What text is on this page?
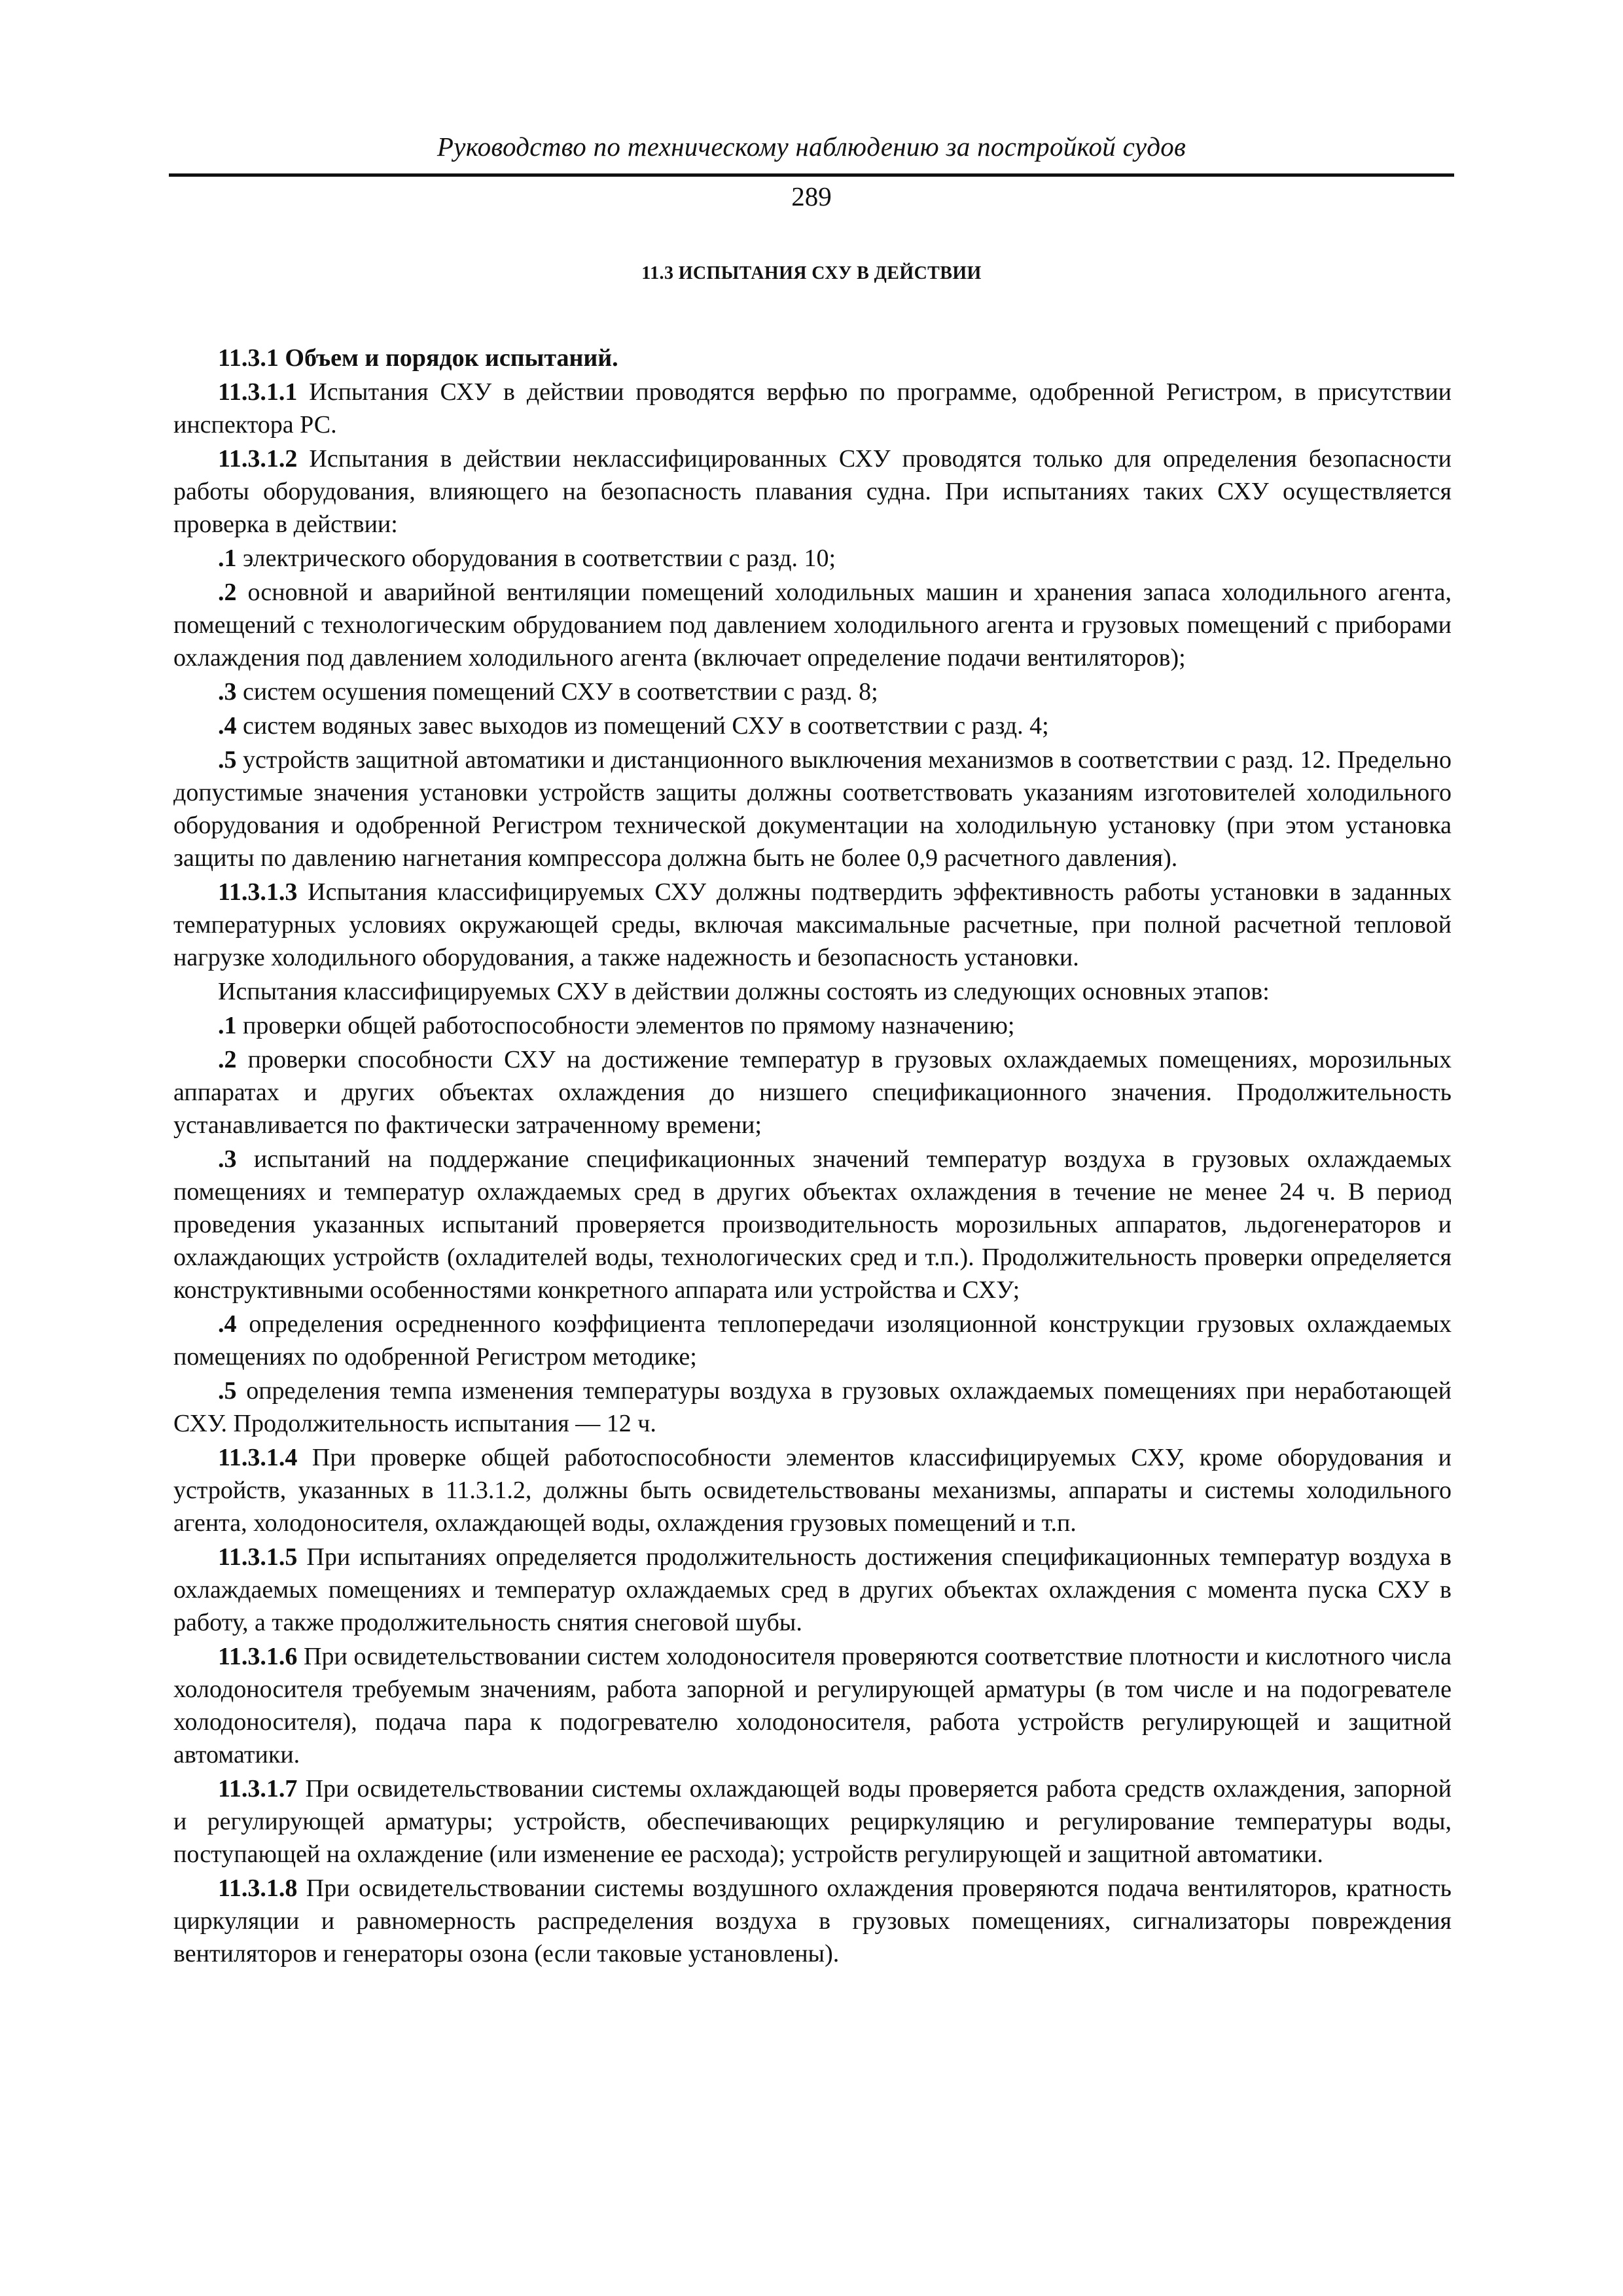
Руководство по техническому наблюдению за постройкой судов
289
11.3 ИСПЫТАНИЯ СХУ В ДЕЙСТВИИ

11.3.1 Объем и порядок испытаний.

11.3.1.1 Испытания СХУ в действии проводятся верфью по программе, одобренной Регистром, в присутствии инспектора РС.

11.3.1.2 Испытания в действии неклассифицированных СХУ проводятся только для определения безопасности работы оборудования, влияющего на безопасность плавания судна. При испытаниях таких СХУ осуществляется проверка в действии:

.1 электрического оборудования в соответствии с разд. 10;

.2 основной и аварийной вентиляции помещений холодильных машин и хранения запаса холодильного агента, помещений с технологическим обрудованием под давлением холодильного агента и грузовых помещений с приборами охлаждения под давлением холодильного агента (включает определение подачи вентиляторов);

.3 систем осушения помещений СХУ в соответствии с разд. 8;

.4 систем водяных завес выходов из помещений СХУ в соответствии с разд. 4;

.5 устройств защитной автоматики и дистанционного выключения механизмов в соответствии с разд. 12. Предельно допустимые значения установки устройств защиты должны соответствовать указаниям изготовителей холодильного оборудования и одобренной Регистром технической документации на холодильную установку (при этом установка защиты по давлению нагнетания компрессора должна быть не более 0,9 расчетного давления).

11.3.1.3 Испытания классифицируемых СХУ должны подтвердить эффективность работы установки в заданных температурных условиях окружающей среды, включая максимальные расчетные, при полной расчетной тепловой нагрузке холодильного оборудования, а также надежность и безопасность установки.

Испытания классифицируемых СХУ в действии должны состоять из следующих основных этапов:

.1 проверки общей работоспособности элементов по прямому назначению;

.2 проверки способности СХУ на достижение температур в грузовых охлаждаемых помещениях, морозильных аппаратах и других объектах охлаждения до низшего спецификационного значения. Продолжительность устанавливается по фактически затраченному времени;

.3 испытаний на поддержание спецификационных значений температур воздуха в грузовых охлаждаемых помещениях и температур охлаждаемых сред в других объектах охлаждения в течение не менее 24 ч. В период проведения указанных испытаний проверяется производительность морозильных аппаратов, льдогенераторов и охлаждающих устройств (охладителей воды, технологических сред и т.п.). Продолжительность проверки определяется конструктивными особенностями конкретного аппарата или устройства и СХУ;

.4 определения осредненного коэффициента теплопередачи изоляционной конструкции грузовых охлаждаемых помещениях по одобренной Регистром методике;

.5 определения темпа изменения температуры воздуха в грузовых охлаждаемых помещениях при неработающей СХУ. Продолжительность испытания — 12 ч.

11.3.1.4 При проверке общей работоспособности элементов классифицируемых СХУ, кроме оборудования и устройств, указанных в 11.3.1.2, должны быть освидетельствованы механизмы, аппараты и системы холодильного агента, холодоносителя, охлаждающей воды, охлаждения грузовых помещений и т.п.

11.3.1.5 При испытаниях определяется продолжительность достижения спецификационных температур воздуха в охлаждаемых помещениях и температур охлаждаемых сред в других объектах охлаждения с момента пуска СХУ в работу, а также продолжительность снятия снеговой шубы.

11.3.1.6 При освидетельствовании систем холодоносителя проверяются соответствие плотности и кислотного числа холодоносителя требуемым значениям, работа запорной и регулирующей арматуры (в том числе и на подогревателе холодоносителя), подача пара к подогревателю холодоносителя, работа устройств регулирующей и защитной автоматики.

11.3.1.7 При освидетельствовании системы охлаждающей воды проверяется работа средств охлаждения, запорной и регулирующей арматуры; устройств, обеспечивающих рециркуляцию и регулирование температуры воды, поступающей на охлаждение (или изменение ее расхода); устройств регулирующей и защитной автоматики.

11.3.1.8 При освидетельствовании системы воздушного охлаждения проверяются подача вентиляторов, кратность циркуляции и равномерность распределения воздуха в грузовых помещениях, сигнализаторы повреждения вентиляторов и генераторы озона (если таковые установлены).
